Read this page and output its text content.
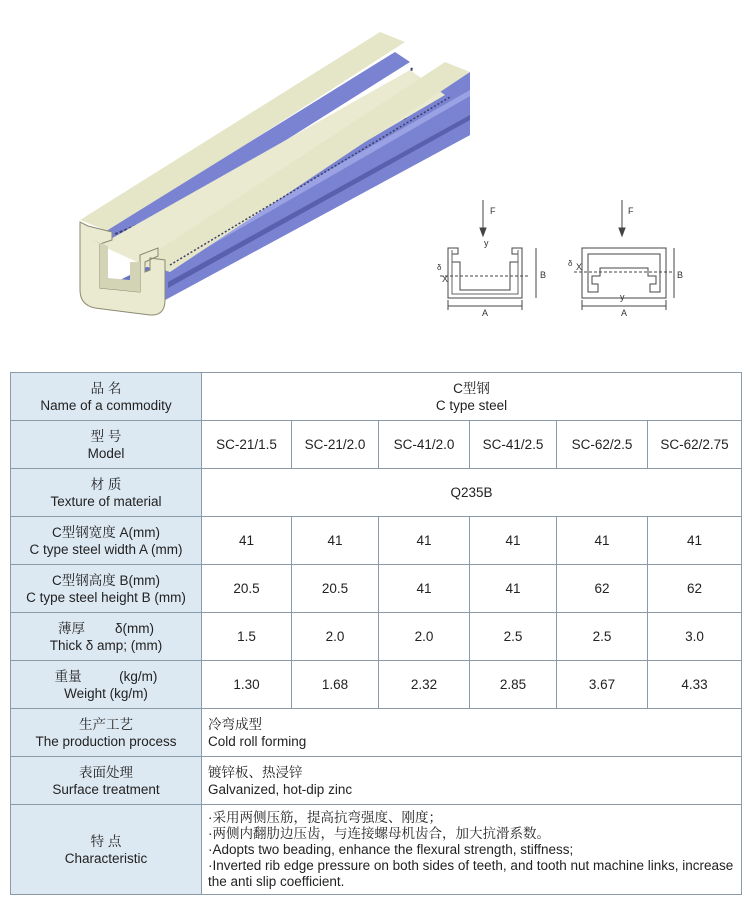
F
y
X
A
B
δ
F
X
y
A
B
δ
品 名
Name of a commodity	C型钢
C type steel					

型 号
Model	SC-21/1.5	SC-21/2.0	SC-41/2.0	SC-41/2.5	SC-62/2.5	SC-62/2.75

材 质
Texture of material	Q235B					

C型钢宽度 A(mm)
C type steel width A (mm)	41	41	41	41	41	41

C型钢高度 B(mm)
C type steel height B (mm)	20.5	20.5	41	41	62	62

薄厚        δ(mm)
Thick δ amp; (mm)	1.5	2.0	2.0	2.5	2.5	3.0

重量          (kg/m)
Weight (kg/m)	1.30	1.68	2.32	2.85	3.67	4.33

生产工艺
The production process	冷弯成型
Cold roll forming					

表面处理
Surface treatment	镀锌板、热浸锌
Galvanized, hot-dip zinc					

特 点
Characteristic	·采用两侧压筋，提高抗弯强度、刚度；
·两侧内翻肋边压齿，与连接螺母机齿合，加大抗滑系数。
·Adopts two beading, enhance the flexural strength, stiffness;
·Inverted rib edge pressure on both sides of teeth, and tooth nut machine links, increase the anti slip coefficient.					
